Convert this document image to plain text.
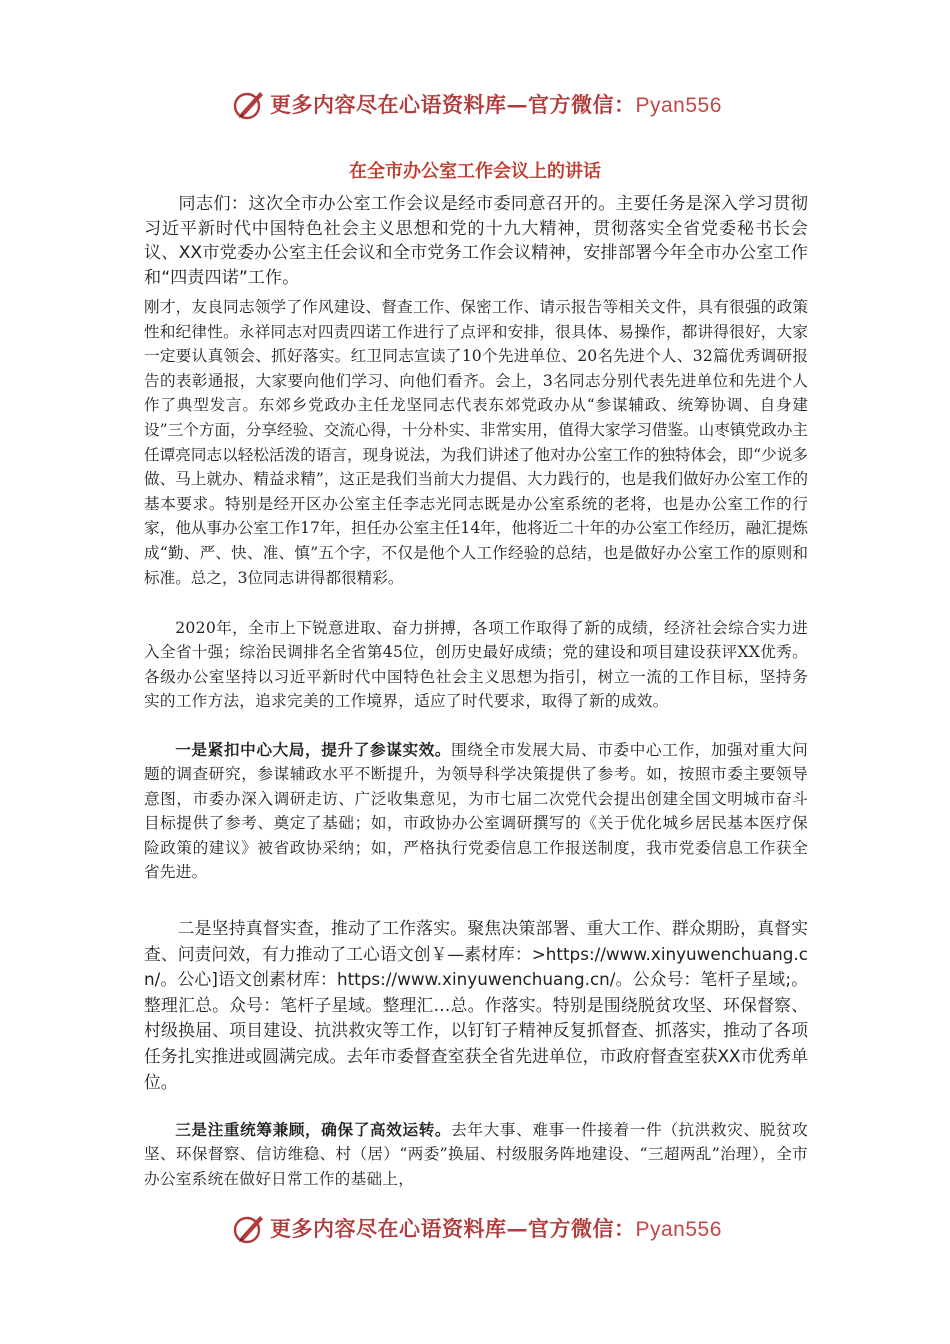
更多内容尽在心语资料库—官方微信：Pyan556
在全市办公室工作会议上的讲话

同志们：这次全市办公室工作会议是经市委同意召开的。主要任务是深入学习贯彻习近平新时代中国特色社会主义思想和党的十九大精神，贯彻落实全省党委秘书长会议、XX市党委办公室主任会议和全市党务工作会议精神，安排部署今年全市办公室工作和“四责四诺”工作。

刚才，友良同志领学了作风建设、督查工作、保密工作、请示报告等相关文件，具有很强的政策性和纪律性。永祥同志对四责四诺工作进行了点评和安排，很具体、易操作，都讲得很好，大家一定要认真领会、抓好落实。红卫同志宣读了10个先进单位、20名先进个人、32篇优秀调研报告的表彰通报，大家要向他们学习、向他们看齐。会上，3名同志分别代表先进单位和先进个人作了典型发言。东郊乡党政办主任龙坚同志代表东郊党政办从“参谋辅政、统筹协调、自身建设”三个方面，分享经验、交流心得，十分朴实、非常实用，值得大家学习借鉴。山枣镇党政办主任谭亮同志以轻松活泼的语言，现身说法，为我们讲述了他对办公室工作的独特体会，即“少说多做、马上就办、精益求精”，这正是我们当前大力提倡、大力践行的，也是我们做好办公室工作的基本要求。特别是经开区办公室主任李志光同志既是办公室系统的老将，也是办公室工作的行家，他从事办公室工作17年，担任办公室主任14年，他将近二十年的办公室工作经历，融汇提炼成“勤、严、快、准、慎”五个字，不仅是他个人工作经验的总结，也是做好办公室工作的原则和标准。总之，3位同志讲得都很精彩。

2020年，全市上下锐意进取、奋力拼搏，各项工作取得了新的成绩，经济社会综合实力进入全省十强；综治民调排名全省第45位，创历史最好成绩；党的建设和项目建设获评XX优秀。各级办公室坚持以习近平新时代中国特色社会主义思想为指引，树立一流的工作目标，坚持务实的工作方法，追求完美的工作境界，适应了时代要求，取得了新的成效。

一是紧扣中心大局，提升了参谋实效。围绕全市发展大局、市委中心工作，加强对重大问题的调查研究，参谋辅政水平不断提升，为领导科学决策提供了参考。如，按照市委主要领导意图，市委办深入调研走访、广泛收集意见，为市七届二次党代会提出创建全国文明城市奋斗目标提供了参考、奠定了基础；如，市政协办公室调研撰写的《关于优化城乡居民基本医疗保险政策的建议》被省政协采纳；如，严格执行党委信息工作报送制度，我市党委信息工作获全省先进。

二是坚持真督实查，推动了工作落实。聚焦决策部署、重大工作、群众期盼，真督实查、问责问效，有力推动了工心语文创￥—素材库：>https://www.xinyuwenchuang.cn/。公心]语文创素材库：https://www.xinyuwenchuang.cn/。公众号：笔杆子星域;。整理汇总。众号：笔杆子星域。整理汇…总。作落实。特别是围绕脱贫攻坚、环保督察、村级换届、项目建设、抗洪救灾等工作，以钉钉子精神反复抓督查、抓落实，推动了各项任务扎实推进或圆满完成。去年市委督查室获全省先进单位，市政府督查室获XX市优秀单位。

三是注重统筹兼顾，确保了高效运转。去年大事、难事一件接着一件（抗洪救灾、脱贫攻坚、环保督察、信访维稳、村（居）“两委”换届、村级服务阵地建设、“三超两乱”治理），全市办公室系统在做好日常工作的基础上，

更多内容尽在心语资料库—官方微信：Pyan556
